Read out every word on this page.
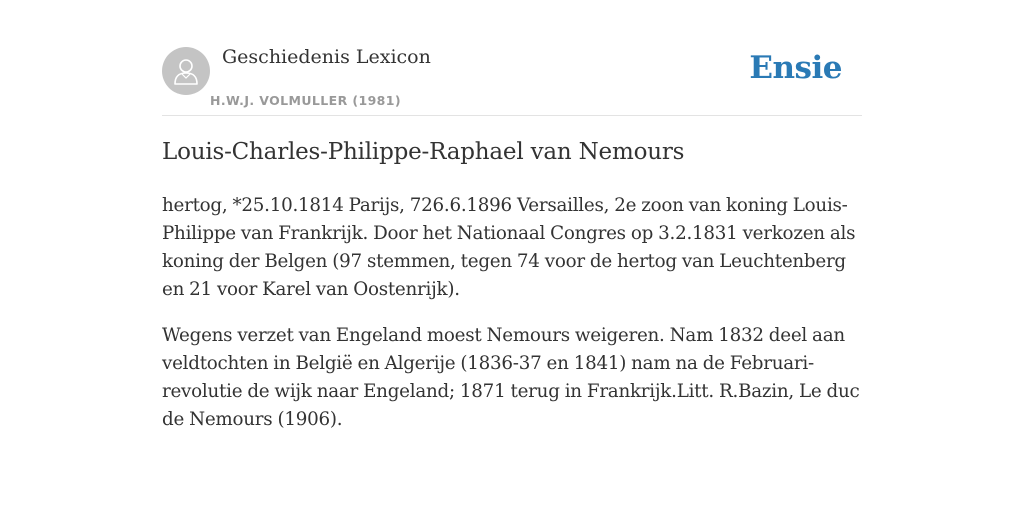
Geschiedenis Lexicon
H.W.J. VOLMULLER (1981)
Ensie
Louis-Charles-Philippe-Raphael van Nemours

hertog, *25.10.1814 Parijs, 726.6.1896 Versailles, 2e zoon van koning Louis-Philippe van Frankrijk. Door het Nationaal Congres op 3.2.1831 verkozen als koning der Belgen (97 stemmen, tegen 74 voor de hertog van Leuchtenberg en 21 voor Karel van Oostenrijk).

Wegens verzet van Engeland moest Nemours weigeren. Nam 1832 deel aan veldtochten in België en Algerije (1836-37 en 1841) nam na de Februari-revolutie de wijk naar Engeland; 1871 terug in Frankrijk.Litt. R.Bazin, Le duc de Nemours (1906).
